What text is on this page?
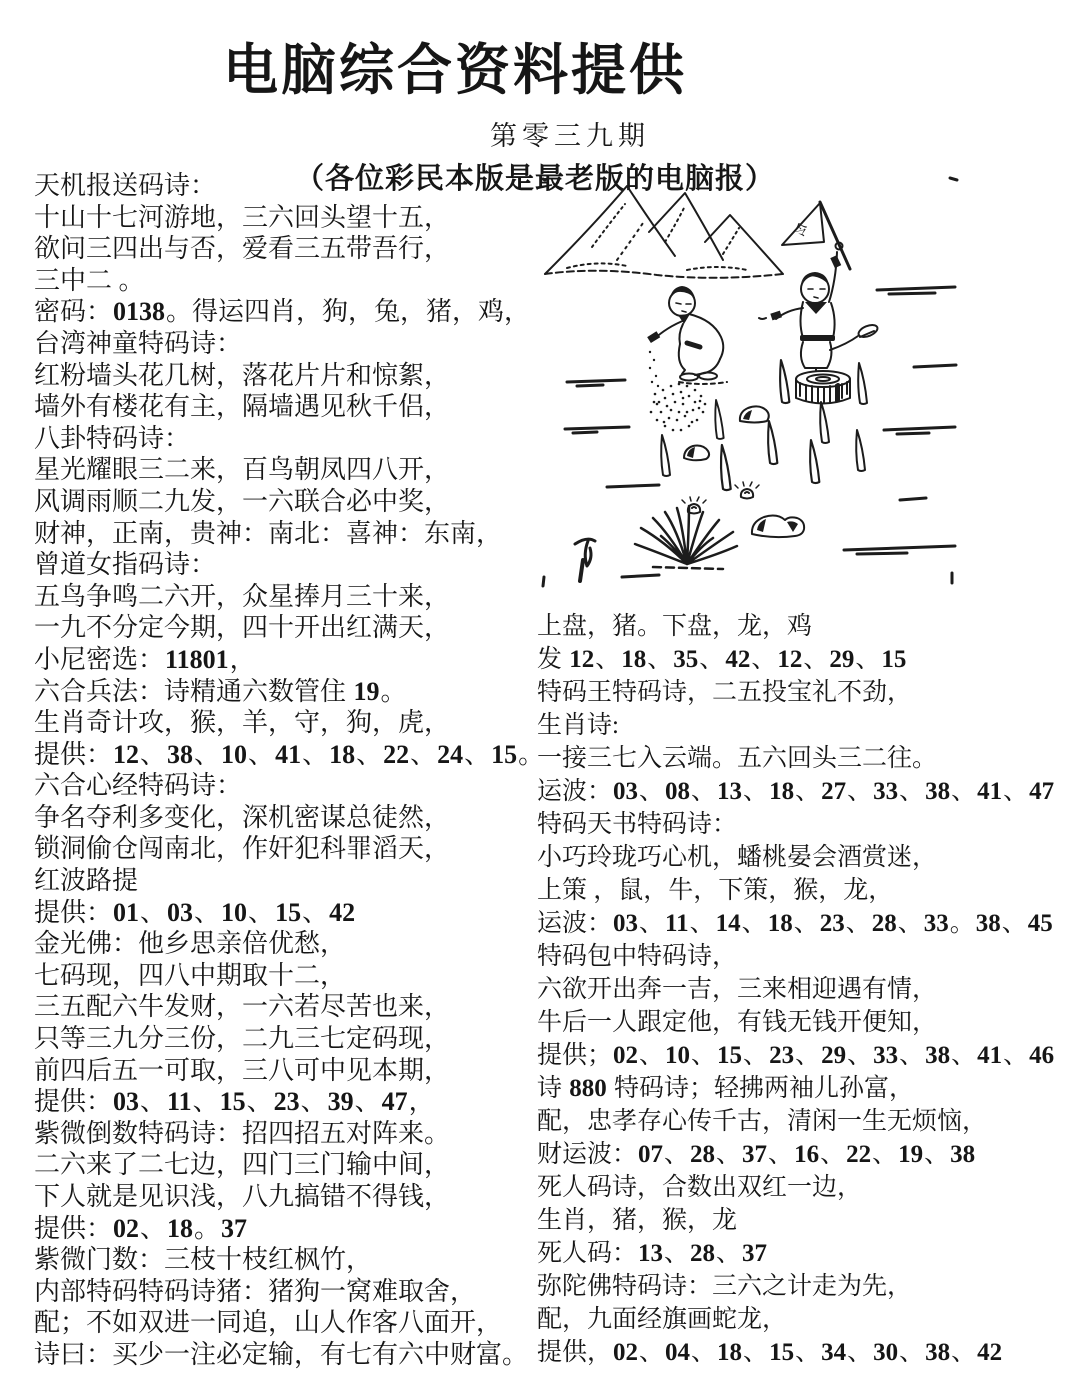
电脑综合资料提供
第零三九期
（各位彩民本版是最老版的电脑报）
令
天机报送码诗：
十山十七河游地，三六回头望十五，
欲问三四出与否，爱看三五带吾行，
三中二 。
密码：0138。得运四肖，狗，兔，猪，鸡，
台湾神童特码诗：
红粉墙头花几树，落花片片和惊絮，
墙外有楼花有主，隔墙遇见秋千侣，
八卦特码诗：
星光耀眼三二来，百鸟朝凤四八开，
风调雨顺二九发，一六联合必中奖，
财神，正南，贵神：南北：喜神：东南，
曾道女指码诗：
五鸟争鸣二六开，众星捧月三十来，
一九不分定今期，四十开出红满天，
小尼密选：11801，
六合兵法：诗精通六数管住 19。
生肖奇计攻，猴，羊，守，狗，虎，
提供：12、38、10、41、18、22、24、15。
六合心经特码诗：
争名夺利多变化，深机密谋总徒然，
锁洞偷仓闯南北，作奸犯科罪滔天，
红波路提
提供：01、03、10、15、42
金光佛：他乡思亲倍优愁，
七码现，四八中期取十二，
三五配六牛发财，一六若尽苦也来，
只等三九分三份，二九三七定码现，
前四后五一可取，三八可中见本期，
提供：03、11、15、23、39、47，
紫微倒数特码诗：招四招五对阵来。
二六来了二七边，四门三门输中间，
下人就是见识浅，八九搞错不得钱，
提供：02、18。37
紫微门数：三枝十枝红枫竹，
内部特码特码诗猪：猪狗一窝难取舍，
配；不如双进一同追，山人作客八面开，
诗曰：买少一注必定输，有七有六中财富。
上盘，猪。下盘，龙，鸡
发 12、18、35、42、12、29、15
特码王特码诗，二五投宝礼不劲，
生肖诗:
一接三七入云端。五六回头三二往。
运波：03、08、13、18、27、33、38、41、47
特码天书特码诗：
小巧玲珑巧心机，蟠桃晏会酒赏迷，
上策 ，鼠，牛，下策，猴，龙，
运波：03、11、14、18、23、28、33。38、45
特码包中特码诗，
六欲开出奔一吉，三来相迎遇有情，
牛后一人跟定他，有钱无钱开便知，
提供；02、10、15、23、29、33、38、41、46
诗 880 特码诗；轻拂两袖儿孙富，
配，忠孝存心传千古，清闲一生无烦恼，
财运波：07、28、37、16、22、19、38
死人码诗，合数出双红一边，
生肖，猪，猴，龙
死人码：13、28、37
弥陀佛特码诗：三六之计走为先，
配，九面经旗画蛇龙，
提供，02、04、18、15、34、30、38、42
